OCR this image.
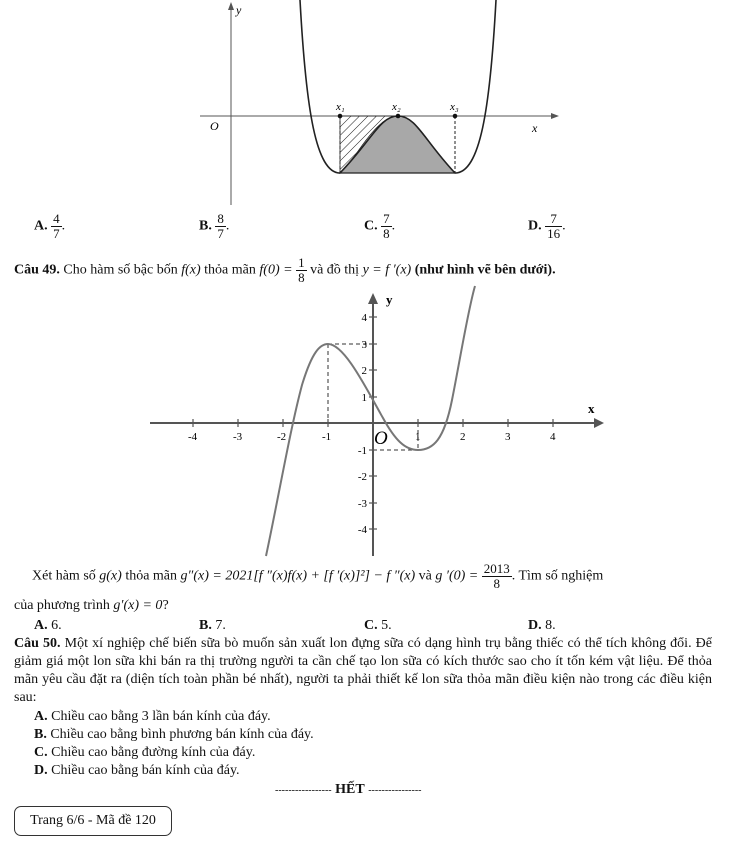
y
O	x
x₁	x₂	x₃
A. $\frac{4}{7}$ .	B. $\frac{8}{7}$ .	C. $\frac{7}{8}$ .	D. $\frac{7}{16}$ .
Câu 49. Cho hàm số bậc bốn f(x) thỏa mãn $f(0) = \frac{1}{8}$ và đồ thị y = f ′(x) (như hình vẽ bên dưới).
-4	-3	-2	-1	1	2	3	4
4
3
2
1
-1
-2
-3
-4
O
x
y
Xét hàm số g(x) thỏa mãn g″(x) = 2021[f ″(x)f(x) + [f ′(x)]²] − f ″(x) và g $'(0) = \frac{2013}{8}$ . Tìm số nghiệm
của phương trình g′(x) = 0?
A. 6.	B. 7.	C. 5.	D. 8.
Câu 50. Một xí nghiệp chế biến sữa bò muốn sản xuất lon đựng sữa có dạng hình trụ bằng thiếc có thể tích không đổi. Để giảm giá một lon sữa khi bán ra thị trường người ta cần chế tạo lon sữa có kích thước sao cho ít tốn kém vật liệu. Để thỏa mãn yêu cầu đặt ra (diện tích toàn phần bé nhất), người ta phải thiết kế lon sữa thỏa mãn điều kiện nào trong các điều kiện sau:
A. Chiều cao bằng 3 lần bán kính của đáy.
B. Chiều cao bằng bình phương bán kính của đáy.
C. Chiều cao bằng đường kính của đáy.
D. Chiều cao bằng bán kính của đáy.
----------------- HẾT ----------------
Trang 6/6 - Mã đề 120
